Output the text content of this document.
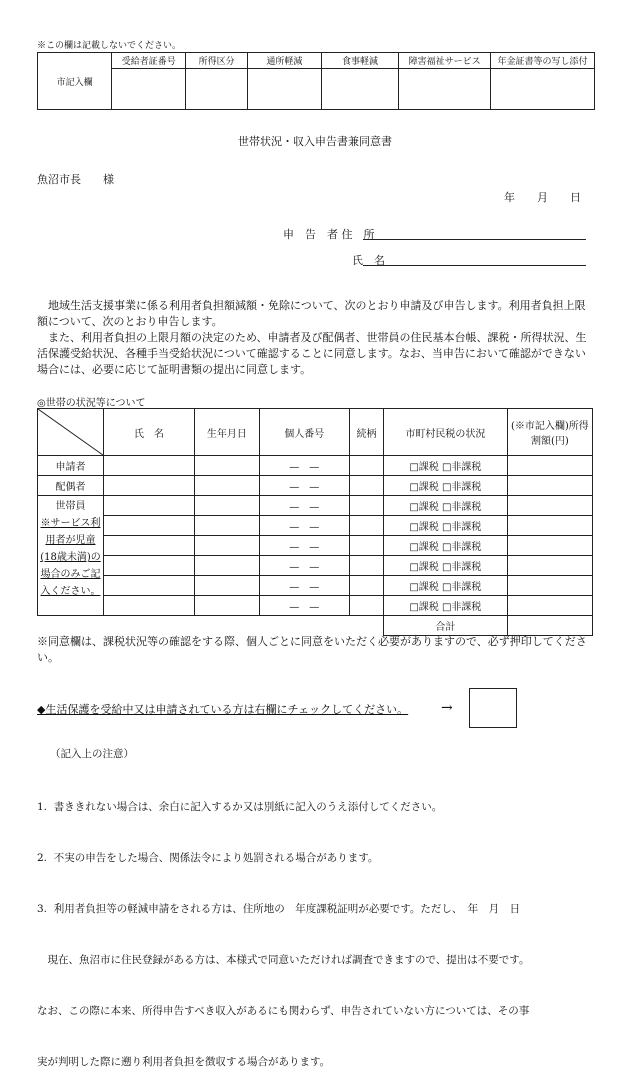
※この欄は記載しないでください。
市記入欄	受給者証番号	所得区分	通所軽減	食事軽減	障害福祉サービス	年金証書等の写し添付

世帯状況・収入申告書兼同意書
魚沼市長　　様
年　　月　　日
申　告　者 住　所
氏　名
地域生活支援事業に係る利用者負担額減額・免除について、次のとおり申請及び申告します。利用者負担上限額について、次のとおり申告します。
また、利用者負担の上限月額の決定のため、申請者及び配偶者、世帯員の住民基本台帳、課税・所得状況、生活保護受給状況、各種手当受給状況について確認することに同意します。なお、当申告において確認ができない場合には、必要に応じて証明書類の提出に同意します。
◎世帯の状況等について
	氏　名	生年月日	個人番号	続柄	市町村民税の状況	(※市記入欄)所得割額(円)
申請者			—　—		□課税 □非課税	
配偶者			—　—		□課税 □非課税	

世帯員
※サービス利用者が児童(18歳未満)の場合のみご記入ください。			—　—		□課税 □非課税	
			—　—		□課税 □非課税	
			—　—		□課税 □非課税	
			—　—		□課税 □非課税	
			—　—		□課税 □非課税	
			—　—		□課税 □非課税	
					合計	
※同意欄は、課税状況等の確認をする際、個人ごとに同意をいただく必要がありますので、必ず押印してください。
◆生活保護を受給中又は申請されている方は右欄にチェックしてください。 →
（記入上の注意）

1.  書ききれない場合は、余白に記入するか又は別紙に記入のうえ添付してください。

2.  不実の申告をした場合、関係法令により処罰される場合があります。

3.  利用者負担等の軽減申請をされる方は、住所地の　年度課税証明が必要です。ただし、　年　月　日

　現在、魚沼市に住民登録がある方は、本様式で同意いただければ調査できますので、提出は不要です。

なお、この際に本来、所得申告すべき収入があるにも関わらず、申告されていない方については、その事

実が判明した際に遡り利用者負担を徴収する場合があります。
